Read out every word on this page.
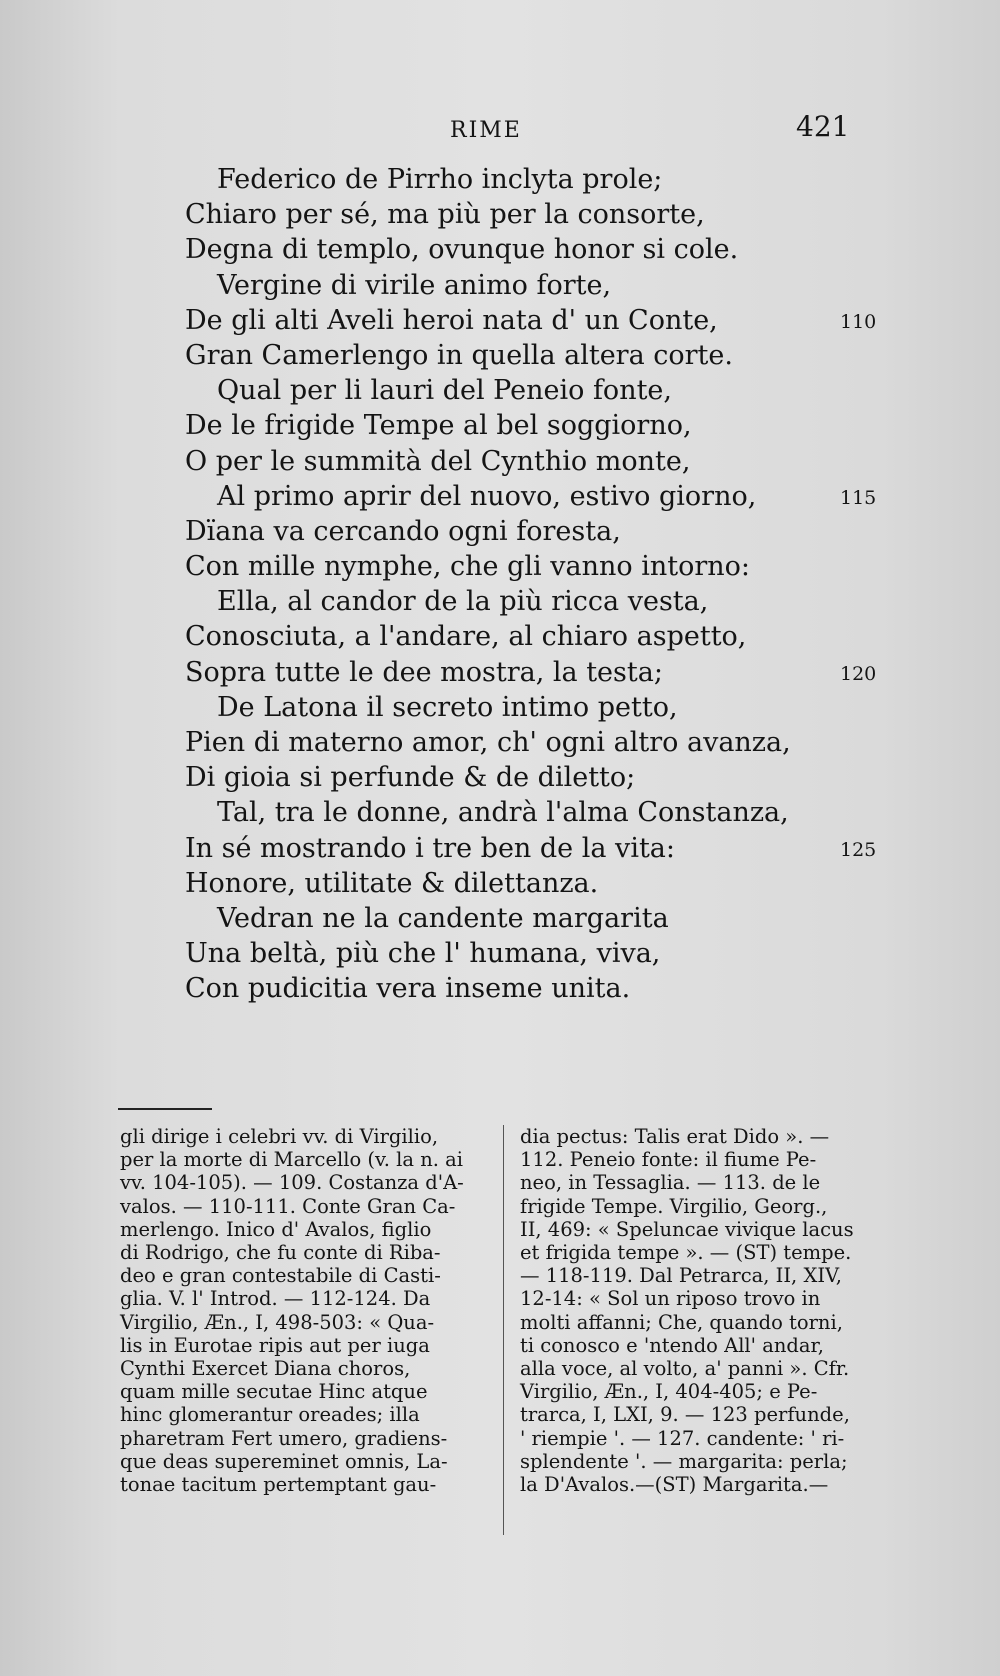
RIME	421
Federico de Pirrho inclyta prole;
Chiaro per sé, ma più per la consorte,
Degna di templo, ovunque honor si cole.
Vergine di virile animo forte,
De gli alti Aveli heroi nata d' un Conte,	110
Gran Camerlengo in quella altera corte.
Qual per li lauri del Peneio fonte,
De le frigide Tempe al bel soggiorno,
O per le summità del Cynthio monte,
Al primo aprir del nuovo, estivo giorno,	115
Dïana va cercando ogni foresta,
Con mille nymphe, che gli vanno intorno:
Ella, al candor de la più ricca vesta,
Conosciuta, a l'andare, al chiaro aspetto,
Sopra tutte le dee mostra, la testa;	120
De Latona il secreto intimo petto,
Pien di materno amor, ch' ogni altro avanza,
Di gioia si perfunde & de diletto;
Tal, tra le donne, andrà l'alma Constanza,
In sé mostrando i tre ben de la vita:	125
Honore, utilitate & dilettanza.
Vedran ne la candente margarita
Una beltà, più che l' humana, viva,
Con pudicitia vera inseme unita.
gli dirige i celebri vv. di Virgilio,
per la morte di Marcello (v. la n. ai
vv. 104-105). — 109. Costanza d'A-
valos. — 110-111. Conte Gran Ca-
merlengo. Inico d' Avalos, figlio
di Rodrigo, che fu conte di Riba-
deo e gran contestabile di Casti-
glia. V. l' Introd. — 112-124. Da
Virgilio, Æn., I, 498-503: « Qua-
lis in Eurotae ripis aut per iuga
Cynthi Exercet Diana choros,
quam mille secutae Hinc atque
hinc glomerantur oreades; illa
pharetram Fert umero, gradiens-
que deas supereminet omnis, La-
tonae tacitum pertemptant gau-
dia pectus: Talis erat Dido ». —
112. Peneio fonte: il fiume Pe-
neo, in Tessaglia. — 113. de le
frigide Tempe. Virgilio, Georg.,
II, 469: « Speluncae vivique lacus
et frigida tempe ». — (ST) tempe.
— 118-119. Dal Petrarca, II, XIV,
12-14: « Sol un riposo trovo in
molti affanni; Che, quando torni,
ti conosco e 'ntendo All' andar,
alla voce, al volto, a' panni ». Cfr.
Virgilio, Æn., I, 404-405; e Pe-
trarca, I, LXI, 9. — 123 perfunde,
' riempie '. — 127. candente: ' ri-
splendente '. — margarita: perla;
la D'Avalos.—(ST) Margarita.—
